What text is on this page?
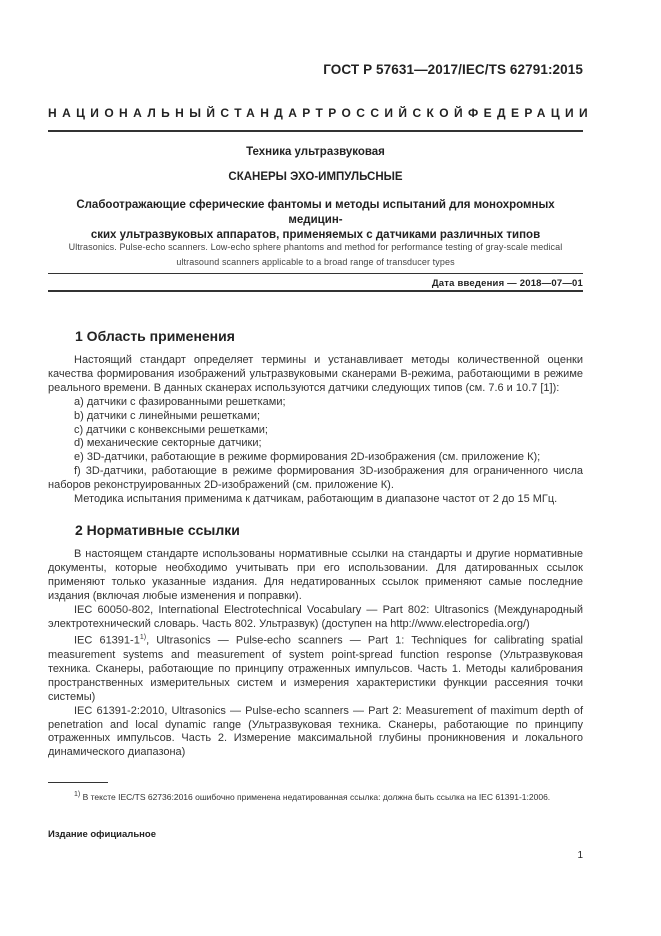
ГОСТ Р 57631—2017/IEC/TS 62791:2015
НАЦИОНАЛЬНЫЙ СТАНДАРТ РОССИЙСКОЙ ФЕДЕРАЦИИ
Техника ультразвуковая
СКАНЕРЫ ЭХО-ИМПУЛЬСНЫЕ
Слабоотражающие сферические фантомы и методы испытаний для монохромных медицин-
ских ультразвуковых аппаратов, применяемых с датчиками различных типов
Ultrasonics. Pulse-echo scanners. Low-echo sphere phantoms and method for performance testing of gray-scale medical
ultrasound scanners applicable to a broad range of transducer types
Дата введения — 2018—07—01
1 Область применения

Настоящий стандарт определяет термины и устанавливает методы количественной оценки качества формирования изображений ультразвуковыми сканерами В-режима, работающими в режиме реального времени. В данных сканерах используются датчики следующих типов (см. 7.6 и 10.7 [1]):

a) датчики с фазированными решетками;

b) датчики с линейными решетками;

c) датчики с конвексными решетками;

d) механические секторные датчики;

e) 3D-датчики, работающие в режиме формирования 2D-изображения (см. приложение К);

f) 3D-датчики, работающие в режиме формирования 3D-изображения для ограниченного числа наборов реконструированных 2D-изображений (см. приложение К).

Методика испытания применима к датчикам, работающим в диапазоне частот от 2 до 15 МГц.

2 Нормативные ссылки

В настоящем стандарте использованы нормативные ссылки на стандарты и другие нормативные документы, которые необходимо учитывать при его использовании. Для датированных ссылок применяют только указанные издания. Для недатированных ссылок применяют самые последние издания (включая любые изменения и поправки).

IEC 60050-802, International Electrotechnical Vocabulary — Part 802: Ultrasonics (Международный электротехнический словарь. Часть 802. Ультразвук) (доступен на http://www.electropedia.org/)

IEC 61391-1$^{1)}$, Ultrasonics — Pulse-echo scanners — Part 1: Techniques for calibrating spatial measurement systems and measurement of system point-spread function response (Ультразвуковая техника. Сканеры, работающие по принципу отраженных импульсов. Часть 1. Методы калибрования пространственных измерительных систем и измерения характеристики функции рассеяния точки системы)

IEC 61391-2:2010, Ultrasonics — Pulse-echo scanners — Part 2: Measurement of maximum depth of penetration and local dynamic range (Ультразвуковая техника. Сканеры, работающие по принципу отраженных импульсов. Часть 2. Измерение максимальной глубины проникновения и локального динамического диапазона)

$^{1)}$ В тексте IEC/TS 62736:2016 ошибочно применена недатированная ссылка: должна быть ссылка на IEC 61391-1:2006.
Издание официальное
1
